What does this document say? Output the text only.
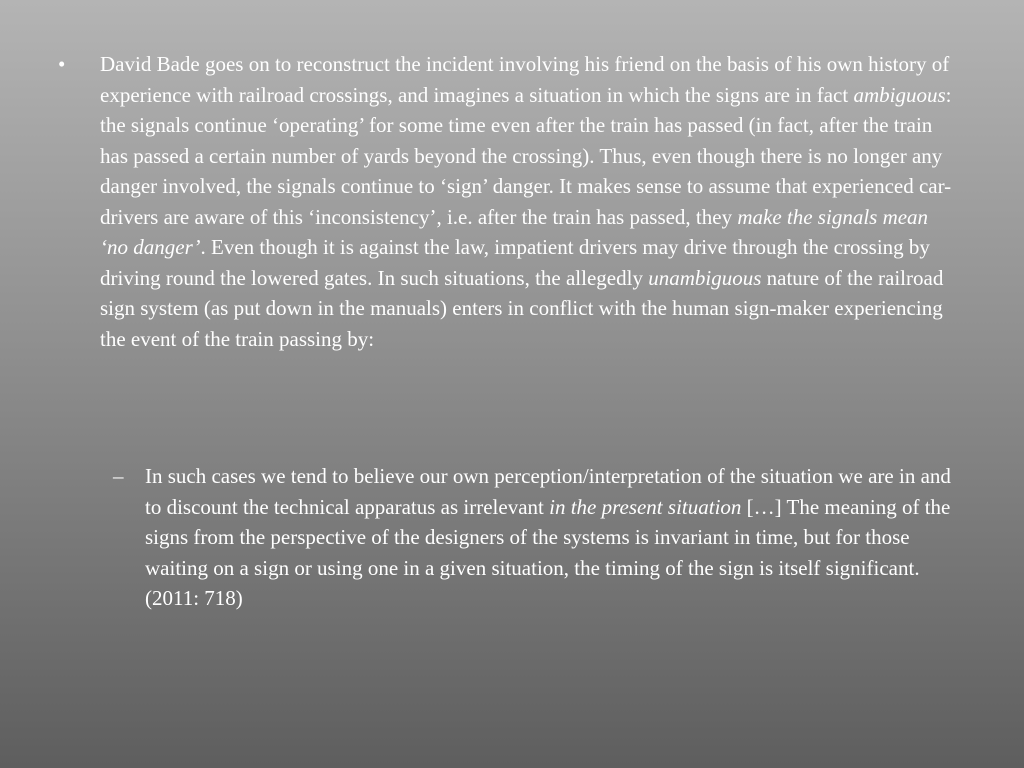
•	David Bade goes on to reconstruct the incident involving his friend on the basis of his own history of experience with railroad crossings, and imagines a situation in which the signs are in fact ambiguous: the signals continue ‘operating’ for some time even after the train has passed (in fact, after the train has passed a certain number of yards beyond the crossing). Thus, even though there is no longer any danger involved, the signals continue to ‘sign’ danger. It makes sense to assume that experienced car-drivers are aware of this ‘inconsistency’, i.e. after the train has passed, they make the signals mean ‘no danger’. Even though it is against the law, impatient drivers may drive through the crossing by driving round the lowered gates. In such situations, the allegedly unambiguous nature of the railroad sign system (as put down in the manuals) enters in conflict with the human sign-maker experiencing the event of the train passing by:
–	In such cases we tend to believe our own perception/interpretation of the situation we are in and to discount the technical apparatus as irrelevant in the present situation […] The meaning of the signs from the perspective of the designers of the systems is invariant in time, but for those waiting on a sign or using one in a given situation, the timing of the sign is itself significant. (2011: 718)
